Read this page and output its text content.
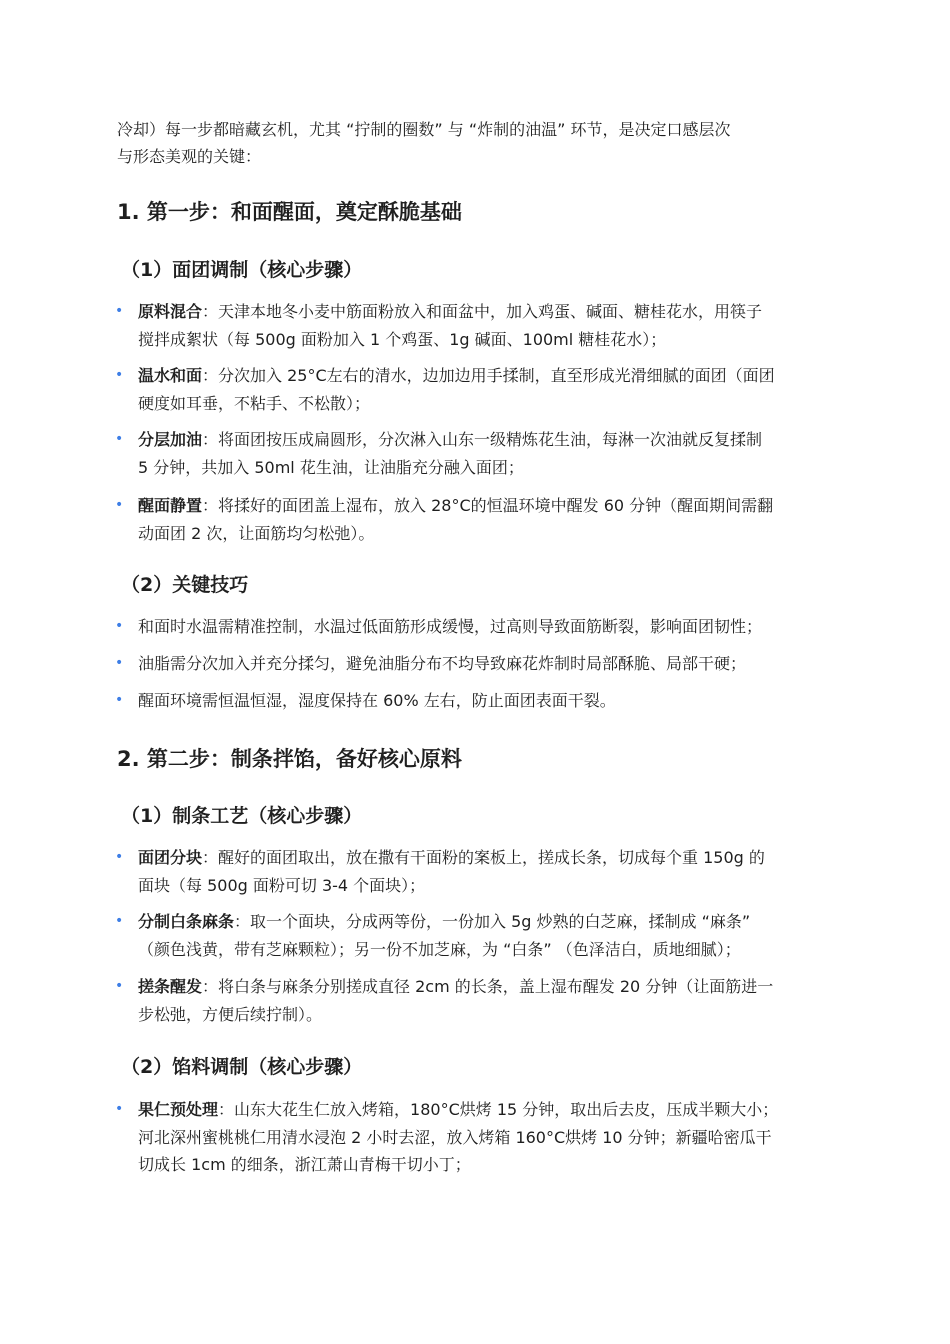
冷却）每一步都暗藏玄机，尤其 “拧制的圈数” 与 “炸制的油温” 环节，是决定口感层次
与形态美观的关键：

1. 第一步：和面醒面，奠定酥脆基础
（1）面团调制（核心步骤）

• 原料混合：天津本地冬小麦中筋面粉放入和面盆中，加入鸡蛋、碱面、糖桂花水，用筷子
搅拌成絮状（每 500g 面粉加入 1 个鸡蛋、1g 碱面、100ml 糖桂花水）；

• 温水和面：分次加入 25°C左右的清水，边加边用手揉制，直至形成光滑细腻的面团（面团
硬度如耳垂，不粘手、不松散）；

• 分层加油：将面团按压成扁圆形，分次淋入山东一级精炼花生油，每淋一次油就反复揉制
5 分钟，共加入 50ml 花生油，让油脂充分融入面团；

• 醒面静置：将揉好的面团盖上湿布，放入 28°C的恒温环境中醒发 60 分钟（醒面期间需翻
动面团 2 次，让面筋均匀松弛）。

（2）关键技巧

• 和面时水温需精准控制，水温过低面筋形成缓慢，过高则导致面筋断裂，影响面团韧性；

• 油脂需分次加入并充分揉匀，避免油脂分布不均导致麻花炸制时局部酥脆、局部干硬；

• 醒面环境需恒温恒湿，湿度保持在 60% 左右，防止面团表面干裂。

2. 第二步：制条拌馅，备好核心原料
（1）制条工艺（核心步骤）

• 面团分块：醒好的面团取出，放在撒有干面粉的案板上，搓成长条，切成每个重 150g 的
面块（每 500g 面粉可切 3-4 个面块）；

• 分制白条麻条：取一个面块，分成两等份，一份加入 5g 炒熟的白芝麻，揉制成 “麻条”
（颜色浅黄，带有芝麻颗粒）；另一份不加芝麻，为 “白条” （色泽洁白，质地细腻）；

• 搓条醒发：将白条与麻条分别搓成直径 2cm 的长条，盖上湿布醒发 20 分钟（让面筋进一
步松弛，方便后续拧制）。

（2）馅料调制（核心步骤）

• 果仁预处理：山东大花生仁放入烤箱，180°C烘烤 15 分钟，取出后去皮，压成半颗大小；
河北深州蜜桃桃仁用清水浸泡 2 小时去涩，放入烤箱 160°C烘烤 10 分钟；新疆哈密瓜干
切成长 1cm 的细条，浙江萧山青梅干切小丁；
